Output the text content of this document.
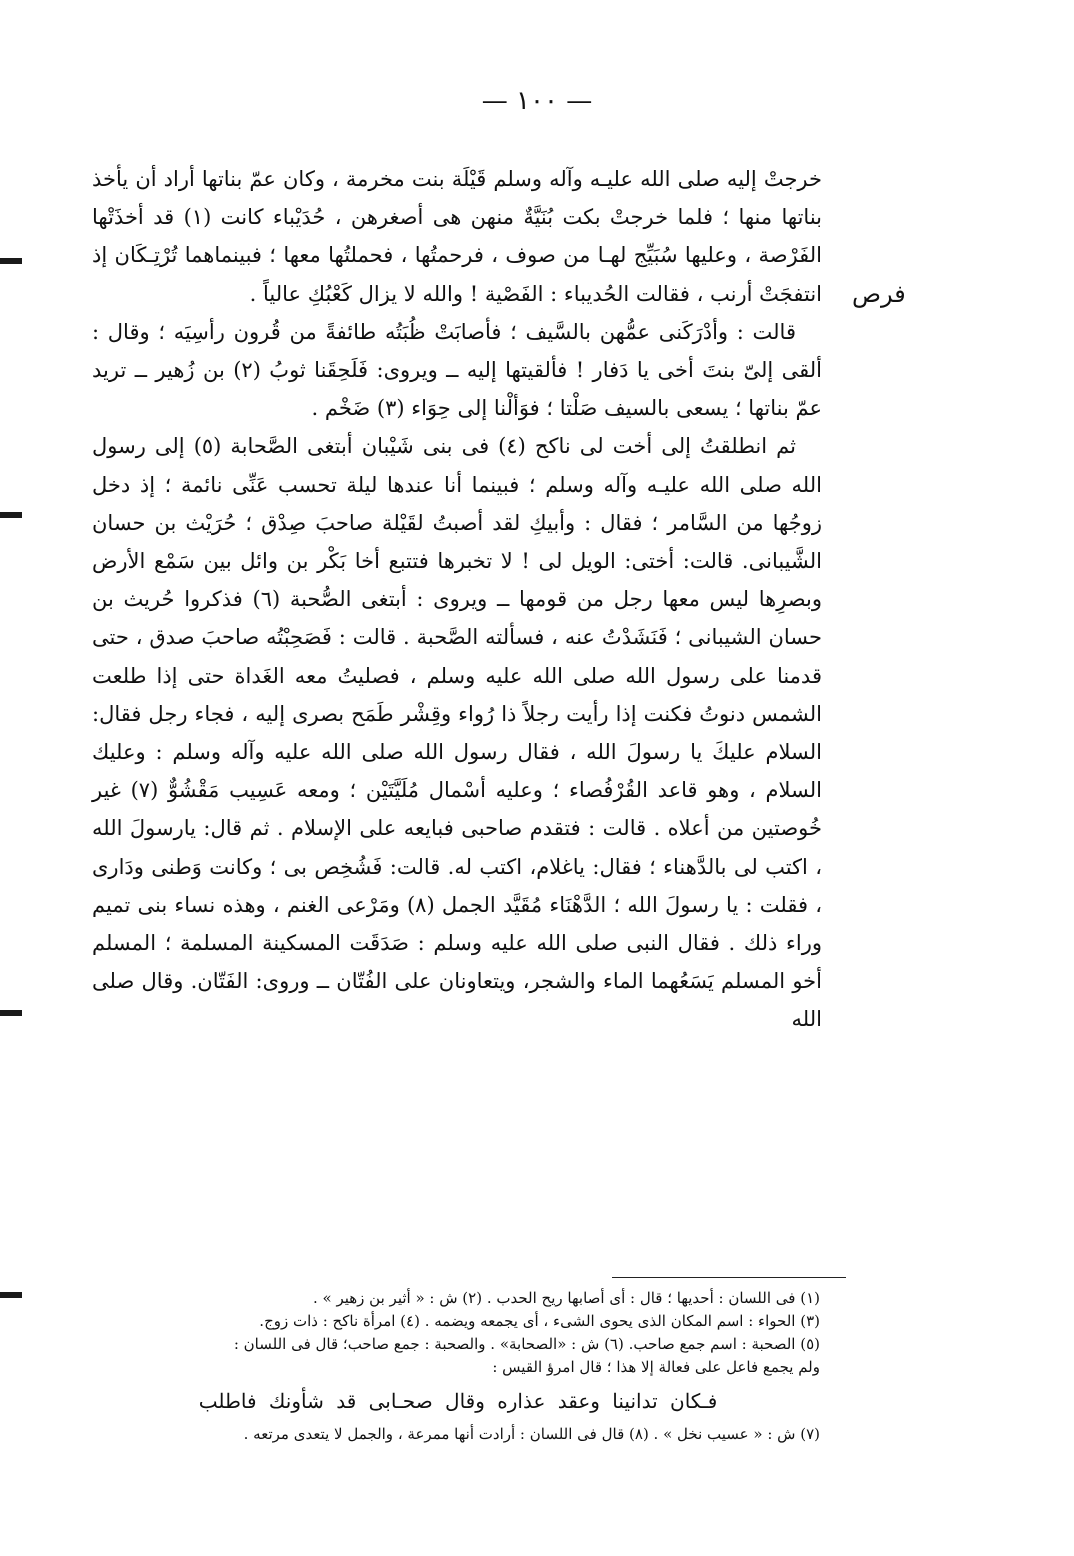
— ١٠٠ —
فرص

خرجتْ إليه صلى الله عليـه وآله وسلم قَيْلَة بنت مخرمة ، وكان عمّ بناتها أراد أن يأخذ بناتها منها ؛ فلما خرجتْ بكت بُنَيَّةٌ منهن هى أصغرهن ، حُدَيْباء كانت (١) قد أخذَتْها الفَرْصة ، وعليها سُبَيِّج لهـا من صوف ، فرحمتُها ، فحملتُها معها ؛ فبينماهما تُرْتِـكَان إذ انتفجَتْ أرنب ، فقالت الحُديباء : الفَصْية ! والله لا يزال كَعْبُكِ عالياً .

قالت : وأدْرَكَنى عمُّهن بالسَّيف ؛ فأصابَتْ ظُبَتُه طائفةً من قُرون رأسِيَه ؛ وقال : ألقى إلىّ بنتَ أخى يا دَفار ! فألقيتها إليه ــ ويروى: فَلَحِقَنا ثوبُ (٢) بن زُهير ــ تريد عمّ بناتها ؛ يسعى بالسيف صَلْتا ؛ فوَألْنا إلى حِوَاء (٣) ضَخْم .

ثم انطلقتُ إلى أخت لى ناكح (٤) فى بنى شَيْبان أبتغى الصَّحابة (٥) إلى رسول الله صلى الله عليـه وآله وسلم ؛ فبينما أنا عندها ليلة تحسب عَنِّى نائمة ؛ إذ دخل زوجُها من السَّامر ؛ فقال : وأبيكِ لقد أصبتُ لقَيْلة صاحبَ صِدْق ؛ حُرَيْث بن حسان الشَّيبانى. قالت: أختى: الويل لى ! لا تخبرها فتتبع أخا بَكْر بن وائل بين سَمْع الأرض وبصرِها ليس معها رجل من قومها ــ ويروى : أبتغى الصُّحبة (٦) فذكروا حُريث بن حسان الشيبانى ؛ فَنَشَدْتُ عنه ، فسألته الصَّحبة . قالت : فَصَحِبْتُه صاحبَ صدق ، حتى قدمنا على رسول الله صلى الله عليه وسلم ، فصليتُ معه الغَداة حتى إذا طلعت الشمس دنوتُ فكنت إذا رأيت رجلاً ذا رُواء وقِشْر طَمَح بصرى إليه ، فجاء رجل فقال: السلام عليكَ يا رسولَ الله ، فقال رسول الله صلى الله عليه وآله وسلم : وعليك السلام ، وهو قاعد القُرْفُصاء ؛ وعليه أسْمال مُلَيَّتَيْن ؛ ومعه عَسِيب مَقْشُوٌّ (٧) غير خُوصتين من أعلاه . قالت : فتقدم صاحبى فبايعه على الإسلام . ثم قال: يارسولَ الله ، اكتب لى بالدَّهناء ؛ فقال: ياغلام، اكتب له. قالت: فَشُخِص بى ؛ وكانت وَطنى ودَارى ، فقلت : يا رسولَ الله ؛ الدَّهْنَاء مُقَيَّد الجمل (٨) ومَرْعى الغنم ، وهذه نساء بنى تميم وراء ذلك . فقال النبى صلى الله عليه وسلم : صَدَقَت المسكينة المسلمة ؛ المسلم أخو المسلم يَسَعُهما الماء والشجر، ويتعاونان على الفُتّان ــ وروى: الفَتّان. وقال صلى الله

(١) فى اللسان : أحديها ؛ قال : أى أصابها ريح الحدب . (٢) ش : « أثير بن زهير » .

(٣) الحواء : اسم المكان الذى يحوى الشىء ، أى يجمعه ويضمه . (٤) امرأة ناكح : ذات زوج.

(٥) الصحبة : اسم جمع صاحب. (٦) ش : «الصحابة» . والصحبة : جمع صاحب؛ قال فى اللسان :

ولم يجمع فاعل على فعالة إلا هذا ؛ قال امرؤ القيس :

فـكان تدانينا وعقد عذاره وقال صحـابى قد شأونك فاطلب

(٧) ش : « عسيب نخل » . (٨) قال فى اللسان : أرادت أنها ممرعة ، والجمل لا يتعدى مرتعه .
